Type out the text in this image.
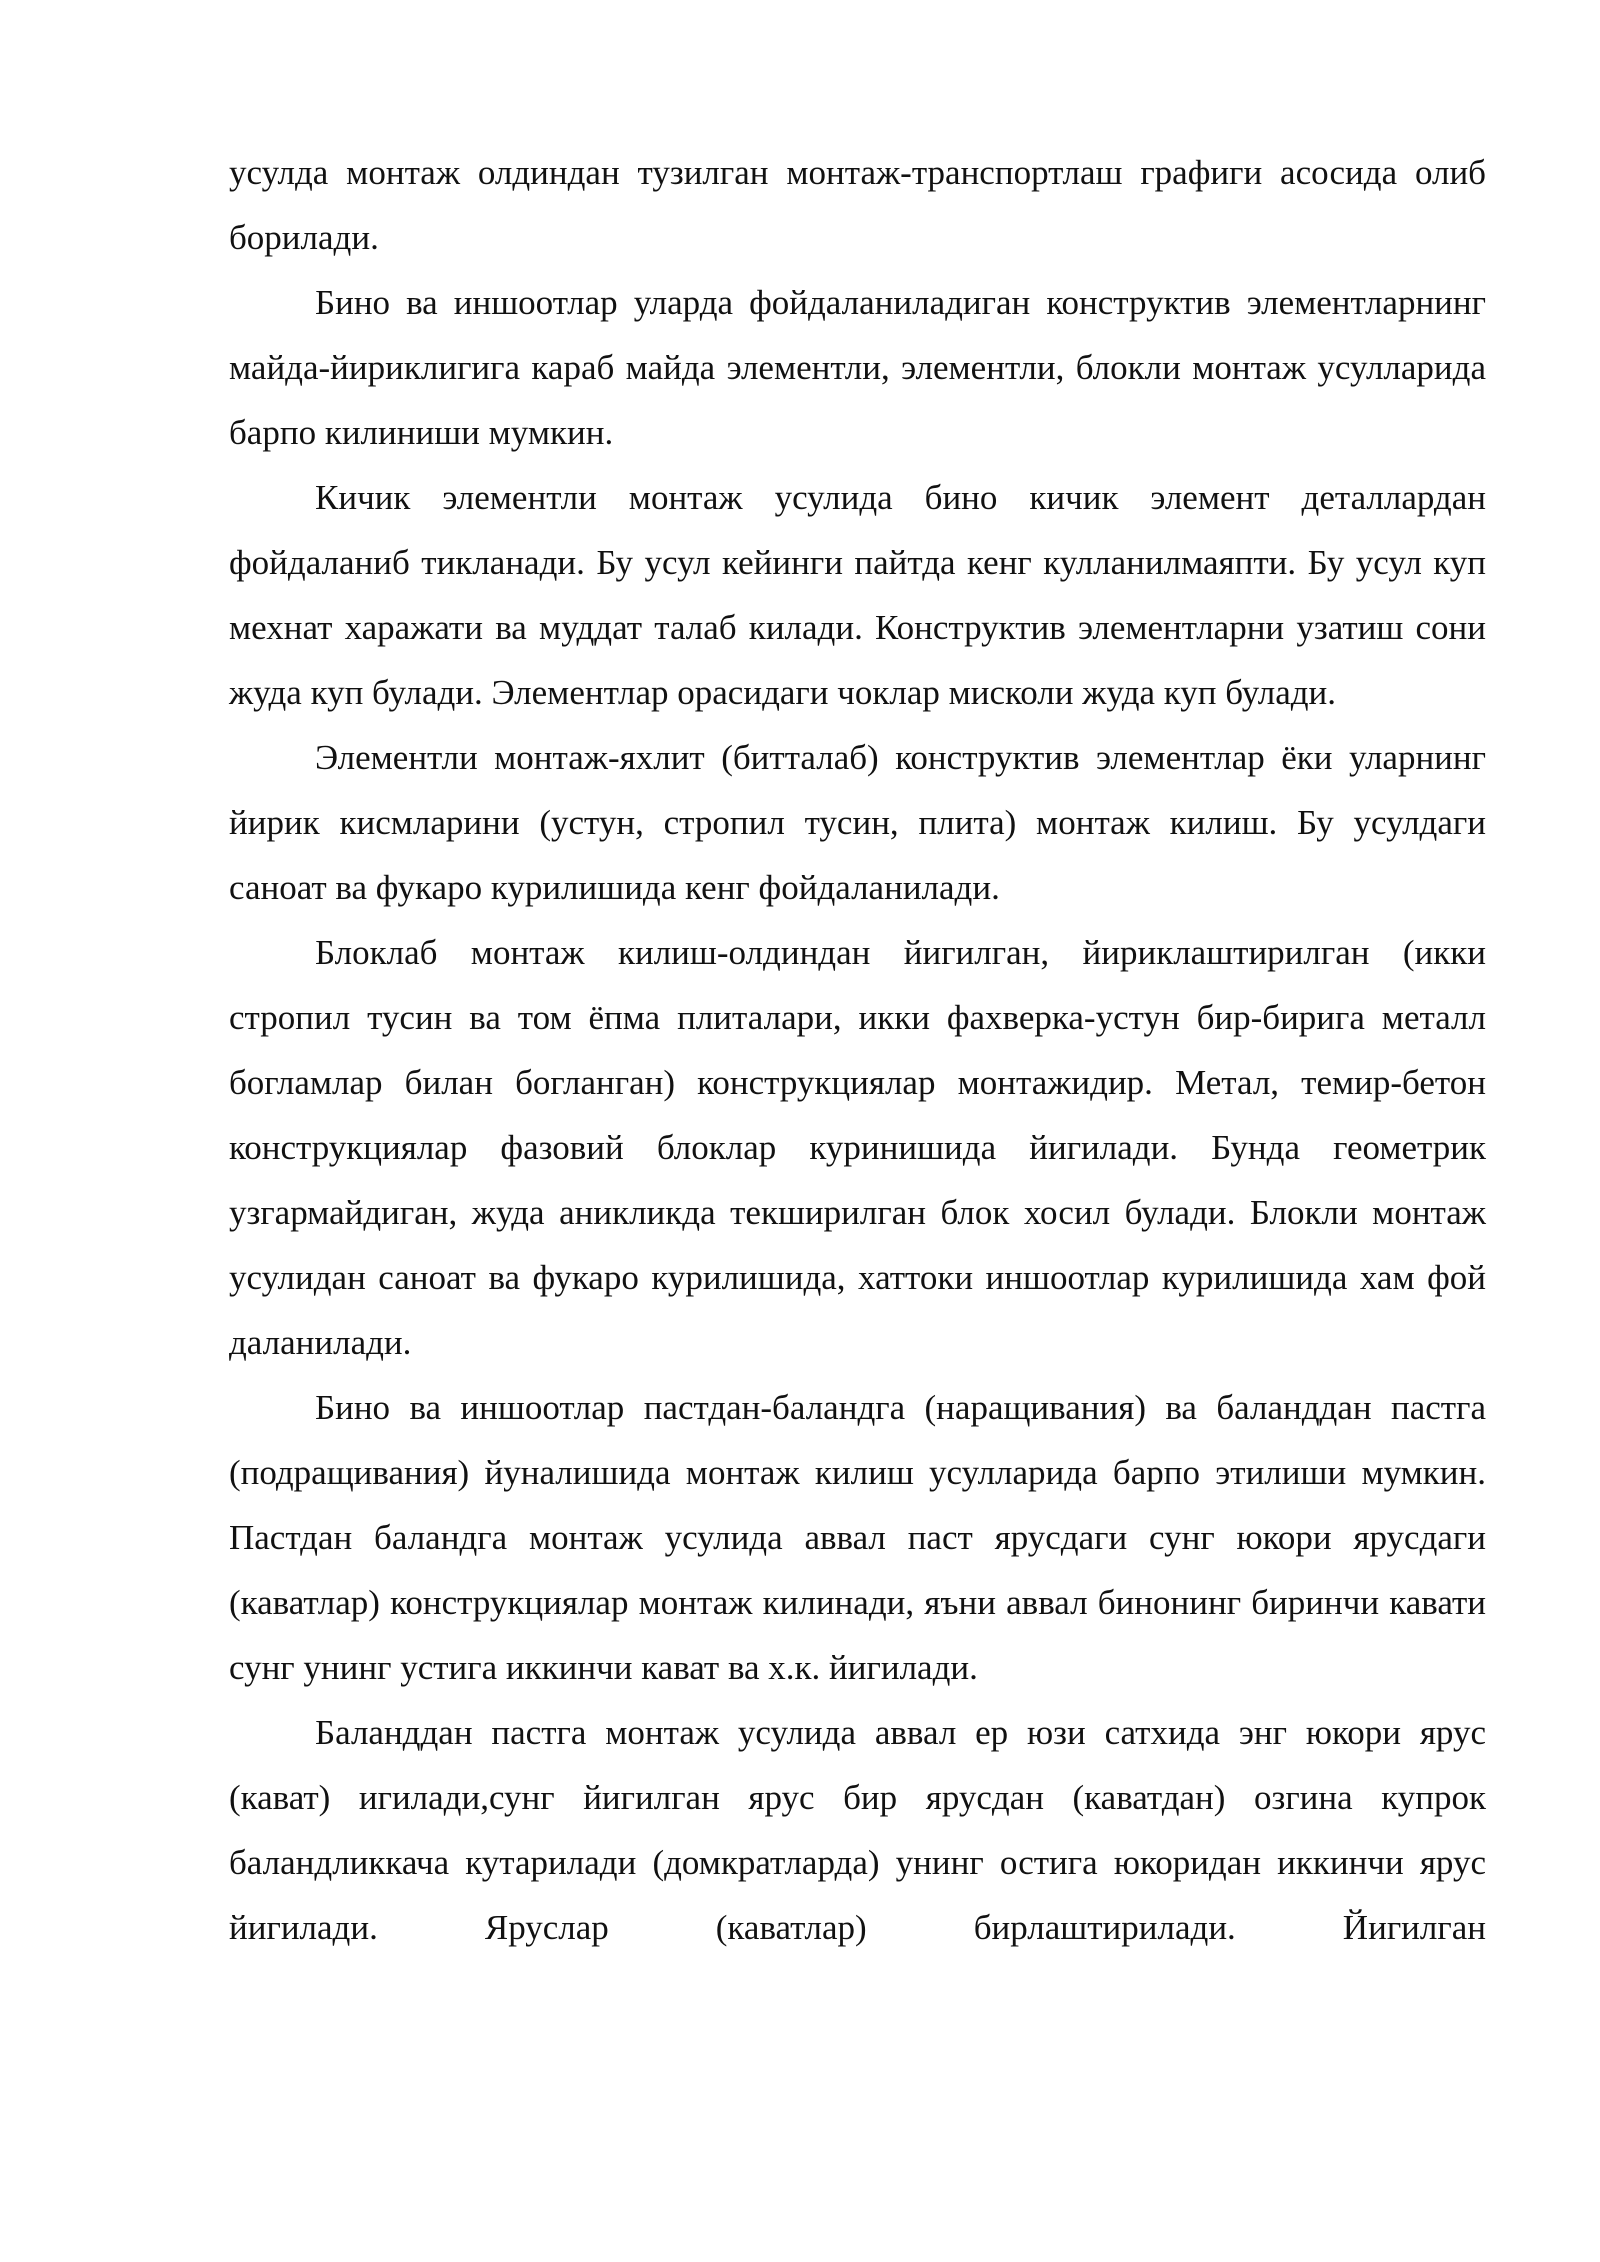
усулда монтаж олдиндан тузилган монтаж-транспортлаш графиги асосида олиб борилади.

Бино ва иншоотлар уларда фойдаланиладиган конструктив элементларнинг майда-йириклигига караб майда элементли, элементли, блокли монтаж усулларида барпо килиниши мумкин.

Кичик элементли монтаж усулида бино кичик элемент деталлардан фойдаланиб тикланади. Бу усул кейинги пайтда кенг кулланилмаяпти. Бу усул куп мехнат харажати ва муддат талаб килади. Конструктив элементларни узатиш сони жуда куп булади. Элементлар орасидаги чоклар мисколи жуда куп булади.

Элементли монтаж-яхлит (битталаб) конструктив элементлар ёки уларнинг йирик кисмларини (устун, стропил тусин, плита) монтаж килиш. Бу усулдаги саноат ва фукаро курилишида кенг фойдаланилади.

Блоклаб монтаж килиш-олдиндан йигилган, йириклаштирилган (икки стропил тусин ва том ёпма плиталари, икки фахверка-устун бир-бирига металл богламлар билан богланган) конструкциялар монтажидир. Метал, темир-бетон конструкциялар фазовий блоклар куринишида йигилади. Бунда геометрик узгармайдиган, жуда аникликда текширилган блок хосил булади. Блокли монтаж усулидан саноат ва фукаро курилишида, хаттоки иншоотлар курилишида хам фой даланилади.

Бино ва иншоотлар пастдан-баландга (наращивания) ва баланддан пастга (подращивания) йуналишида монтаж килиш усулларида барпо этилиши мумкин. Пастдан баландга монтаж усулида аввал паст ярусдаги сунг юкори ярусдаги (каватлар) конструкциялар монтаж килинади, яъни аввал бинонинг биринчи кавати сунг унинг устига иккинчи кават ва х.к. йигилади.

Баланддан пастга монтаж усулида аввал ер юзи сатхида энг юкори ярус (кават) игилади,сунг йигилган ярус бир ярусдан (каватдан) озгина купрок баландликкача кутарилади (домкратларда) унинг остига юкоридан иккинчи ярус йигилади. Яруслар (каватлар) бирлаштирилади. Йигилган
